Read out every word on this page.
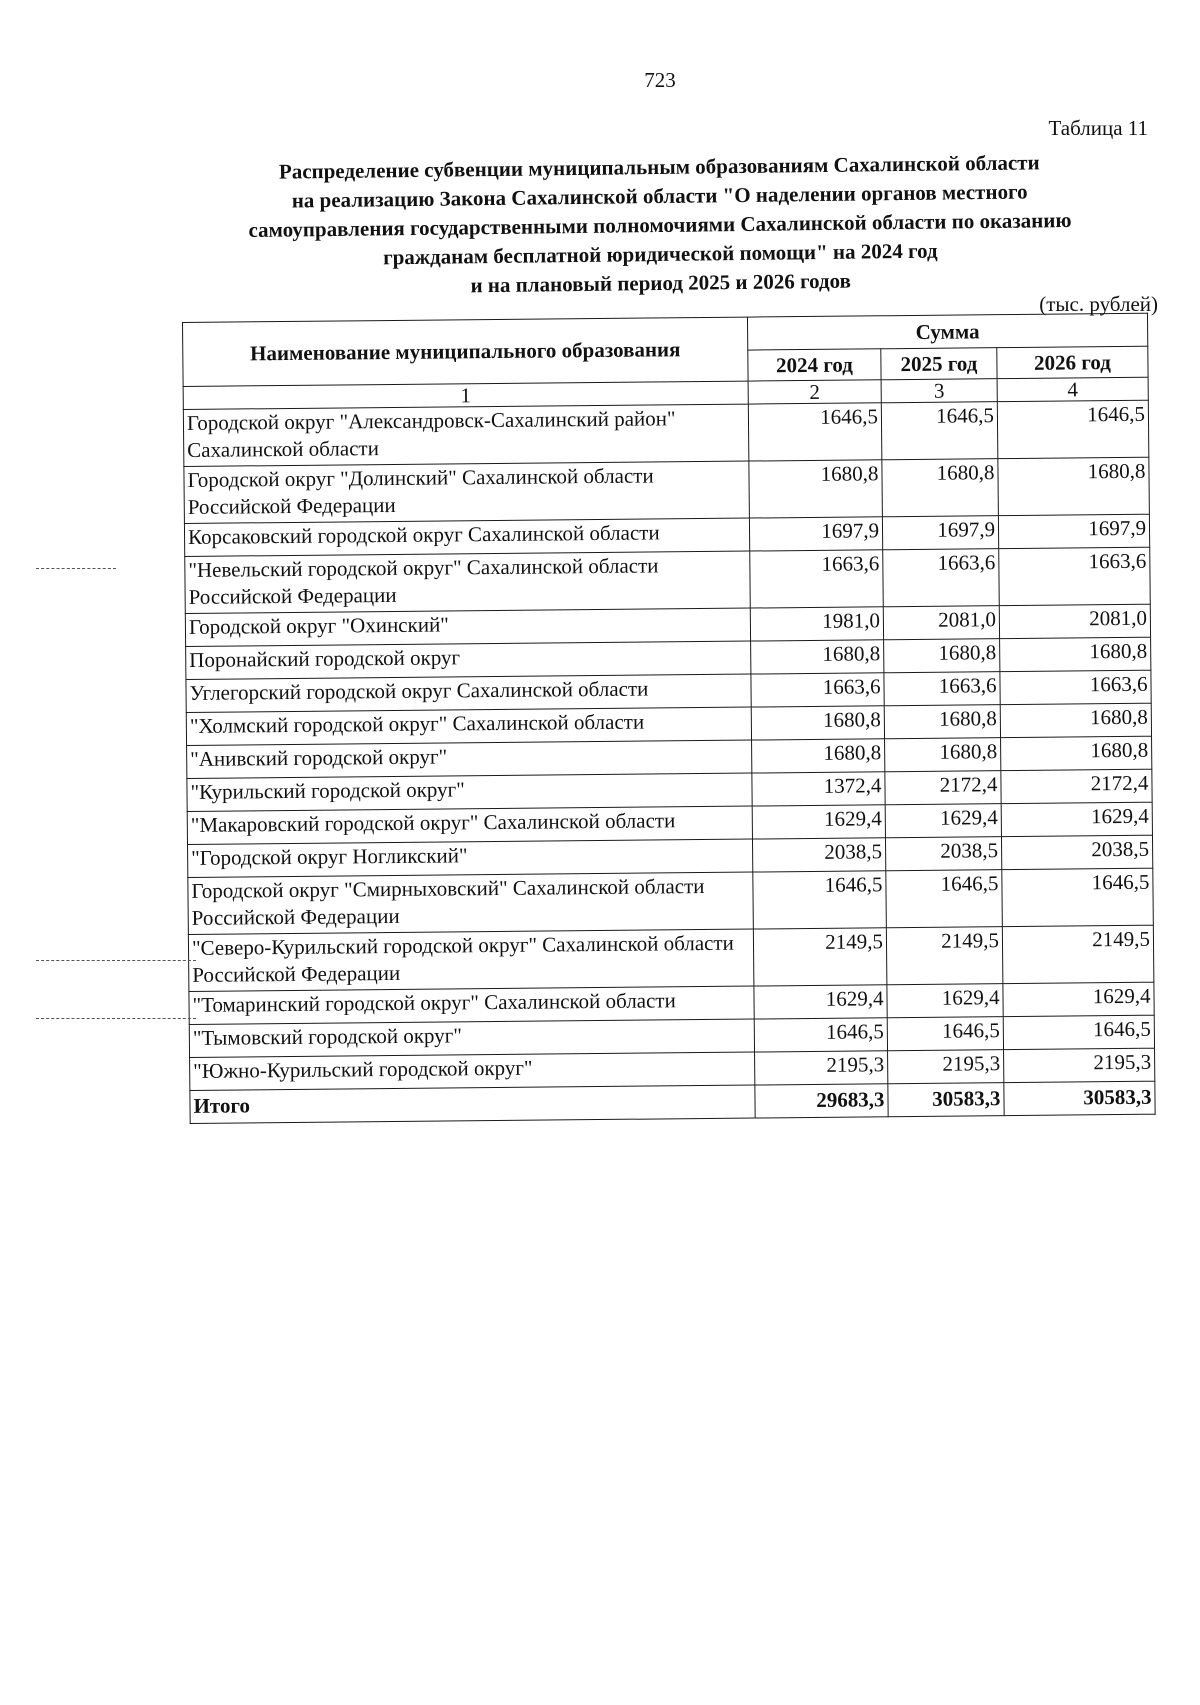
723
Таблица 11
Распределение субвенции муниципальным образованиям Сахалинской области
на реализацию Закона Сахалинской области "О наделении органов местного
самоуправления государственными полномочиями Сахалинской области по оказанию
гражданам бесплатной юридической помощи" на 2024 год
и на плановый период 2025 и 2026 годов
(тыс. рублей)
Наименование муниципального образования	Сумма		
	2024 год	2025 год	2026 год
1	2	3	4
Городской округ "Александровск-Сахалинский район" Сахалинской области	1646,5	1646,5	1646,5
Городской округ "Долинский" Сахалинской области Российской Федерации	1680,8	1680,8	1680,8
Корсаковский городской округ Сахалинской области	1697,9	1697,9	1697,9
"Невельский городской округ" Сахалинской области Российской Федерации	1663,6	1663,6	1663,6
Городской округ "Охинский"	1981,0	2081,0	2081,0
Поронайский городской округ	1680,8	1680,8	1680,8
Углегорский городской округ Сахалинской области	1663,6	1663,6	1663,6
"Холмский городской округ" Сахалинской области	1680,8	1680,8	1680,8
"Анивский городской округ"	1680,8	1680,8	1680,8
"Курильский городской округ"	1372,4	2172,4	2172,4
"Макаровский городской округ" Сахалинской области	1629,4	1629,4	1629,4
"Городской округ Ногликский"	2038,5	2038,5	2038,5
Городской округ "Смирныховский" Сахалинской области Российской Федерации	1646,5	1646,5	1646,5
"Северо-Курильский городской округ" Сахалинской области Российской Федерации	2149,5	2149,5	2149,5
"Томаринский городской округ" Сахалинской области	1629,4	1629,4	1629,4
"Тымовский городской округ"	1646,5	1646,5	1646,5
"Южно-Курильский городской округ"	2195,3	2195,3	2195,3
Итого	29683,3	30583,3	30583,3
